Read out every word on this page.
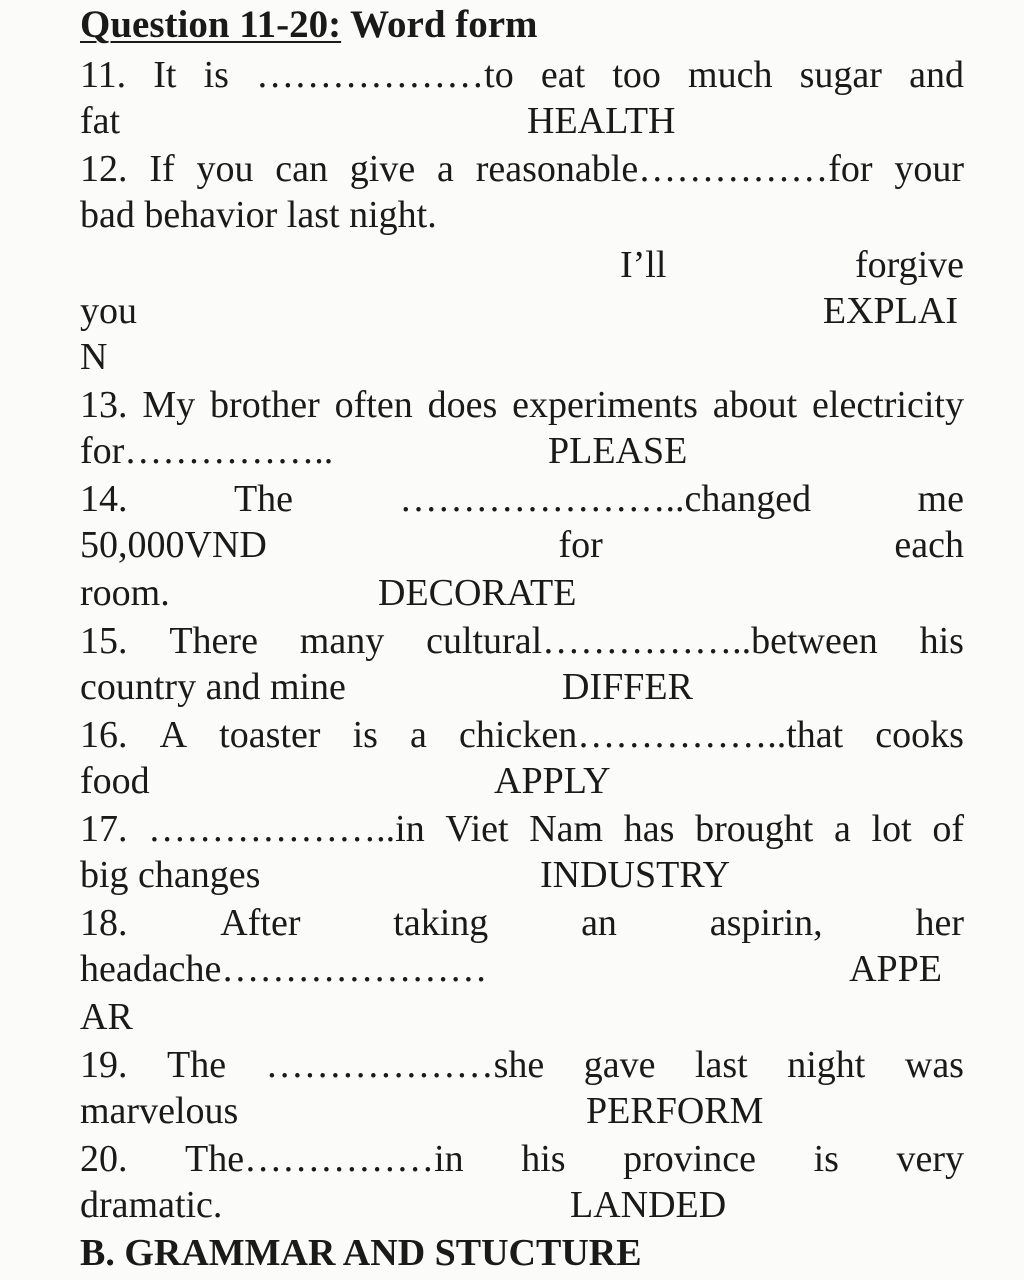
Question 11-20: Word form
11. It is ………………to eat too much sugar and
fat	HEALTH
12. If you can give a reasonable……………for your
bad behavior last night.
I’ll	forgive
you	EXPLAI
N
13. My brother often does experiments about electricity
for……………..	PLEASE
14.	The	…………………..changed	me
50,000VND	for	each
room.	DECORATE
15. There many cultural……………..between his
country and mine	DIFFER
16. A toaster is a chicken……………..that cooks
food	APPLY
17. ………………..in Viet Nam has brought a lot of
big changes	INDUSTRY
18. After taking an aspirin, her
headache…………………	APPE
AR
19. The ………………she gave last night was
marvelous	PERFORM
20. The……………in his province is very
dramatic.	LANDED
B. GRAMMAR AND STUCTURE
